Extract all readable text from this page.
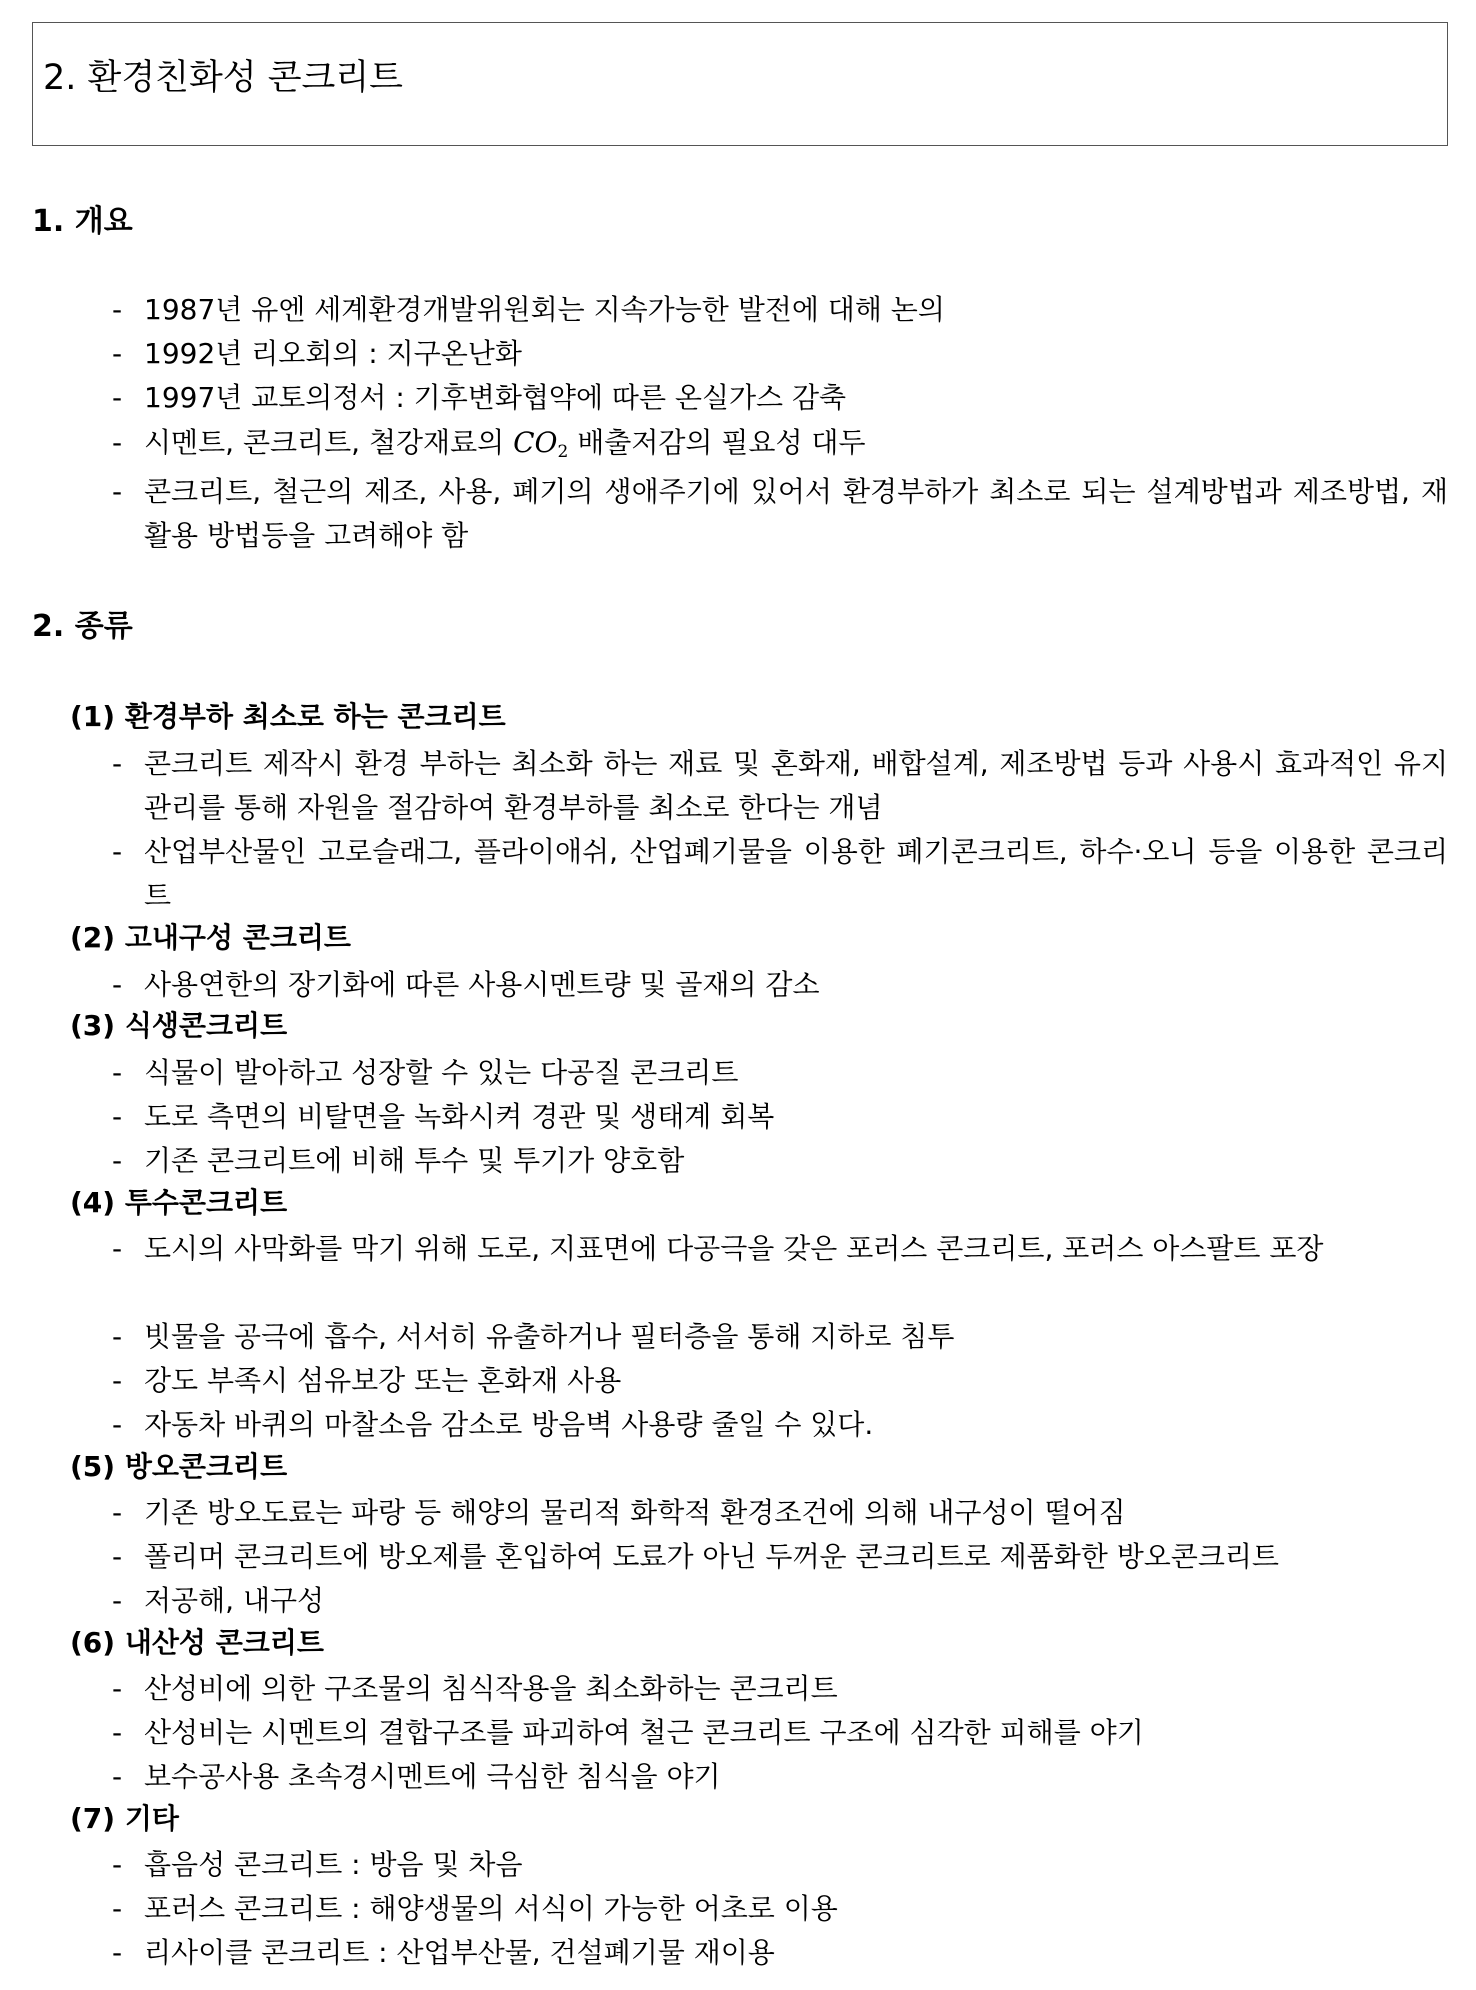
2. 환경친화성 콘크리트
1. 개요
- 1987년 유엔 세계환경개발위원회는 지속가능한 발전에 대해 논의
- 1992년 리오회의 : 지구온난화
- 1997년 교토의정서 : 기후변화협약에 따른 온실가스 감축
- 시멘트, 콘크리트, 철강재료의 $CO_2$ 배출저감의 필요성 대두
- 콘크리트, 철근의 제조, 사용, 폐기의 생애주기에 있어서 환경부하가 최소로 되는 설계방법과 제조방법, 재활용 방법등을 고려해야 함
2. 종류
(1) 환경부하 최소로 하는 콘크리트
- 콘크리트 제작시 환경 부하는 최소화 하는 재료 및 혼화재, 배합설계, 제조방법 등과 사용시 효과적인 유지관리를 통해 자원을 절감하여 환경부하를 최소로 한다는 개념
- 산업부산물인 고로슬래그, 플라이애쉬, 산업폐기물을 이용한 폐기콘크리트, 하수·오니 등을 이용한 콘크리트
(2) 고내구성 콘크리트
- 사용연한의 장기화에 따른 사용시멘트량 및 골재의 감소
(3) 식생콘크리트
- 식물이 발아하고 성장할 수 있는 다공질 콘크리트
- 도로 측면의 비탈면을 녹화시켜 경관 및 생태계 회복
- 기존 콘크리트에 비해 투수 및 투기가 양호함
(4) 투수콘크리트
- 도시의 사막화를 막기 위해 도로, 지표면에 다공극을 갖은 포러스 콘크리트, 포러스 아스팔트 포장
- 빗물을 공극에 흡수, 서서히 유출하거나 필터층을 통해 지하로 침투
- 강도 부족시 섬유보강 또는 혼화재 사용
- 자동차 바퀴의 마찰소음 감소로 방음벽 사용량 줄일 수 있다.
(5) 방오콘크리트
- 기존 방오도료는 파랑 등 해양의 물리적 화학적 환경조건에 의해 내구성이 떨어짐
- 폴리머 콘크리트에 방오제를 혼입하여 도료가 아닌 두꺼운 콘크리트로 제품화한 방오콘크리트
- 저공해, 내구성
(6) 내산성 콘크리트
- 산성비에 의한 구조물의 침식작용을 최소화하는 콘크리트
- 산성비는 시멘트의 결합구조를 파괴하여 철근 콘크리트 구조에 심각한 피해를 야기
- 보수공사용 초속경시멘트에 극심한 침식을 야기
(7) 기타
- 흡음성 콘크리트 : 방음 및 차음
- 포러스 콘크리트 : 해양생물의 서식이 가능한 어초로 이용
- 리사이클 콘크리트 : 산업부산물, 건설폐기물 재이용
